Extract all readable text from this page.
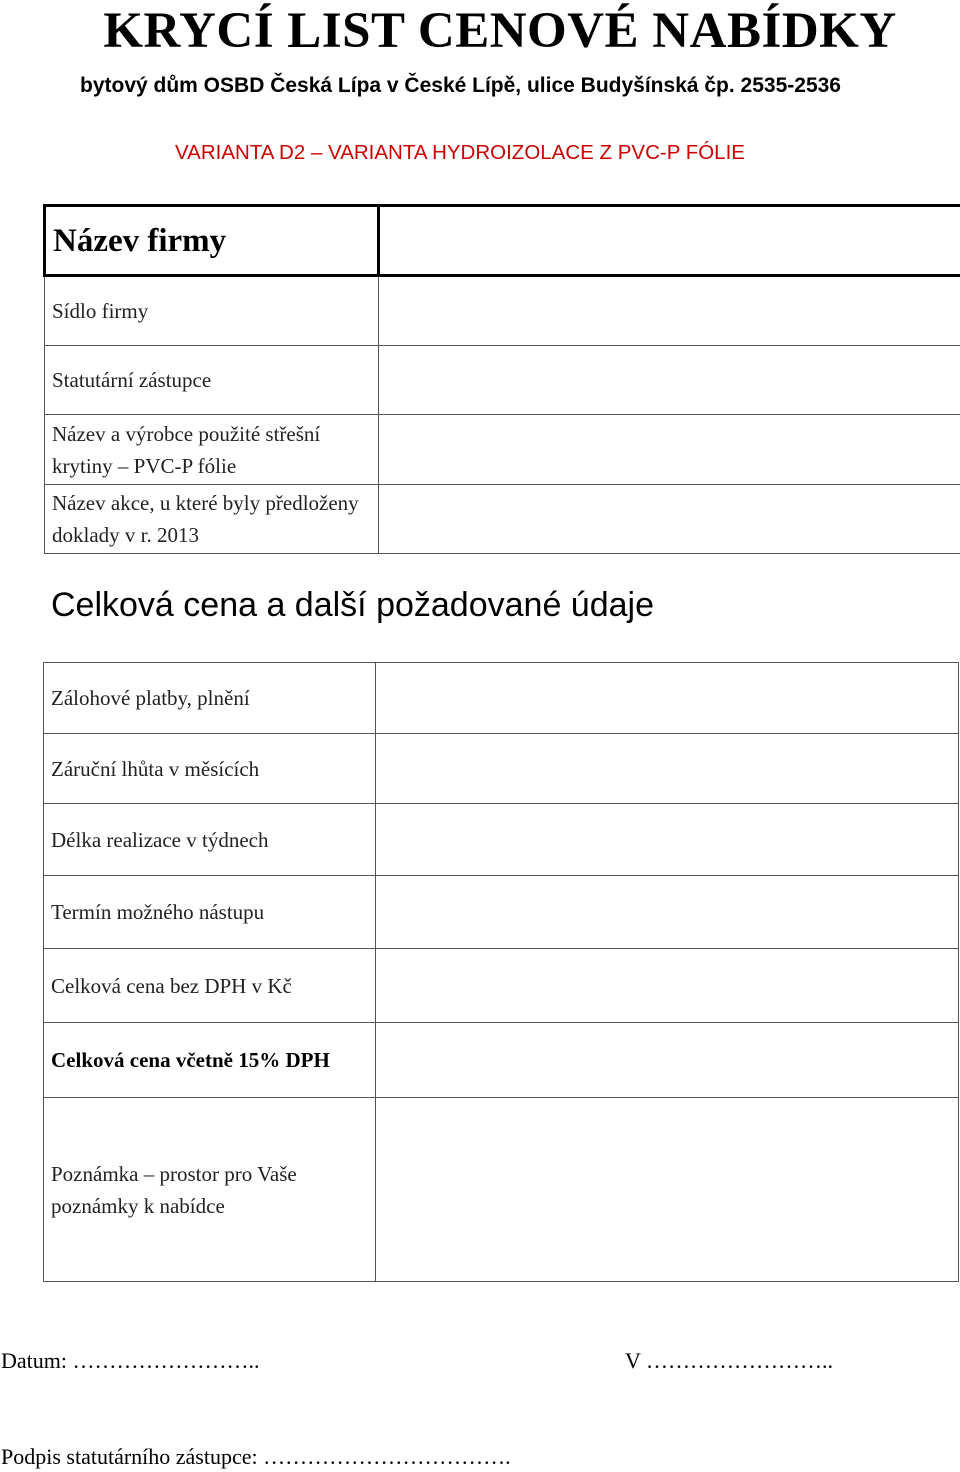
KRYCÍ LIST CENOVÉ NABÍDKY
bytový dům OSBD Česká Lípa v České Lípě, ulice Budyšínská čp. 2535-2536
VARIANTA D2 – VARIANTA HYDROIZOLACE Z PVC-P FÓLIE
Název firmy	
Sídlo firmy	
Statutární zástupce	
Název a výrobce použité střešní krytiny – PVC-P fólie	
Název akce, u které byly předloženy doklady v r. 2013	
Celková cena a další požadované údaje
Zálohové platby, plnění	
Záruční lhůta v měsících	
Délka realizace v týdnech	
Termín možného nástupu	
Celková cena bez DPH v Kč	
Celková cena včetně 15% DPH	
Poznámka – prostor pro Vaše poznámky k nabídce	
Datum: ……………………..	V ……………………..
Podpis statutárního zástupce: …………………………….
